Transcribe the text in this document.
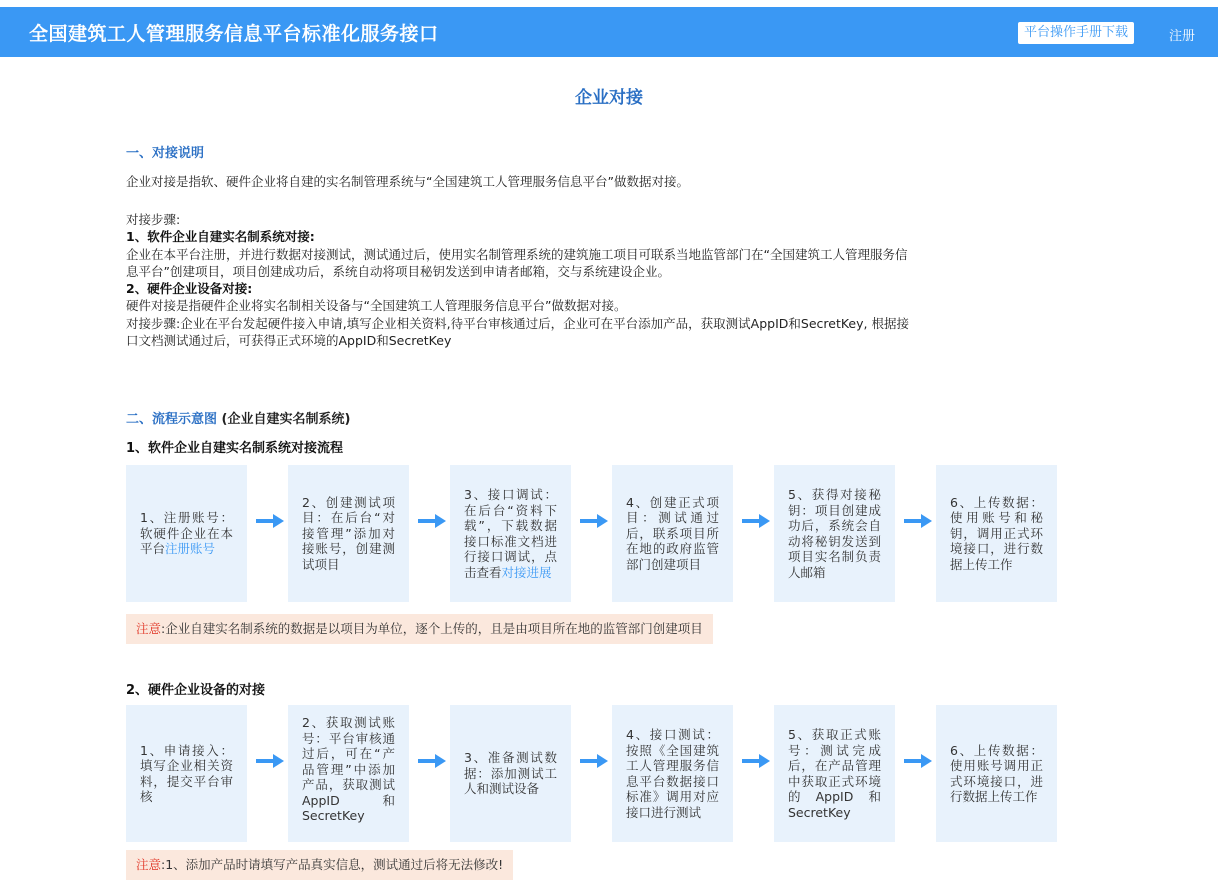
全国建筑工人管理服务信息平台标准化服务接口	平台操作手册下载	注册
企业对接
一、对接说明
企业对接是指软、硬件企业将自建的实名制管理系统与“全国建筑工人管理服务信息平台”做数据对接。
对接步骤:
1、软件企业自建实名制系统对接:
企业在本平台注册，并进行数据对接测试，测试通过后，使用实名制管理系统的建筑施工项目可联系当地监管部门在“全国建筑工人管理服务信
息平台”创建项目，项目创建成功后，系统自动将项目秘钥发送到申请者邮箱，交与系统建设企业。
2、硬件企业设备对接:
硬件对接是指硬件企业将实名制相关设备与“全国建筑工人管理服务信息平台”做数据对接。
对接步骤:企业在平台发起硬件接入申请,填写企业相关资料,待平台审核通过后，企业可在平台添加产品，获取测试AppID和SecretKey, 根据接
口文档测试通过后，可获得正式环境的AppID和SecretKey
二、流程示意图 (企业自建实名制系统)
1、软件企业自建实名制系统对接流程
1、注册账号：软硬件企业在本平台注册账号
2、创建测试项目：在后台“对接管理”添加对接账号，创建测试项目
3、接口调试：在后台“资料下载”，下载数据接口标准文档进行接口调试，点击查看对接进展
4、创建正式项目：测试通过后，联系项目所在地的政府监管部门创建项目
5、获得对接秘钥：项目创建成功后，系统会自动将秘钥发送到项目实名制负责人邮箱
6、上传数据：使用账号和秘钥，调用正式环境接口，进行数据上传工作
注意:企业自建实名制系统的数据是以项目为单位，逐个上传的，且是由项目所在地的监管部门创建项目
2、硬件企业设备的对接
1、申请接入：填写企业相关资料，提交平台审核
2、获取测试账号：平台审核通过后，可在“产品管理”中添加产品，获取测试AppID和SecretKey
3、准备测试数据：添加测试工人和测试设备
4、接口测试：按照《全国建筑工人管理服务信息平台数据接口标准》调用对应接口进行测试
5、获取正式账号：测试完成后，在产品管理中获取正式环境的AppID和SecretKey
6、上传数据：使用账号调用正式环境接口，进行数据上传工作
注意:1、添加产品时请填写产品真实信息，测试通过后将无法修改!
